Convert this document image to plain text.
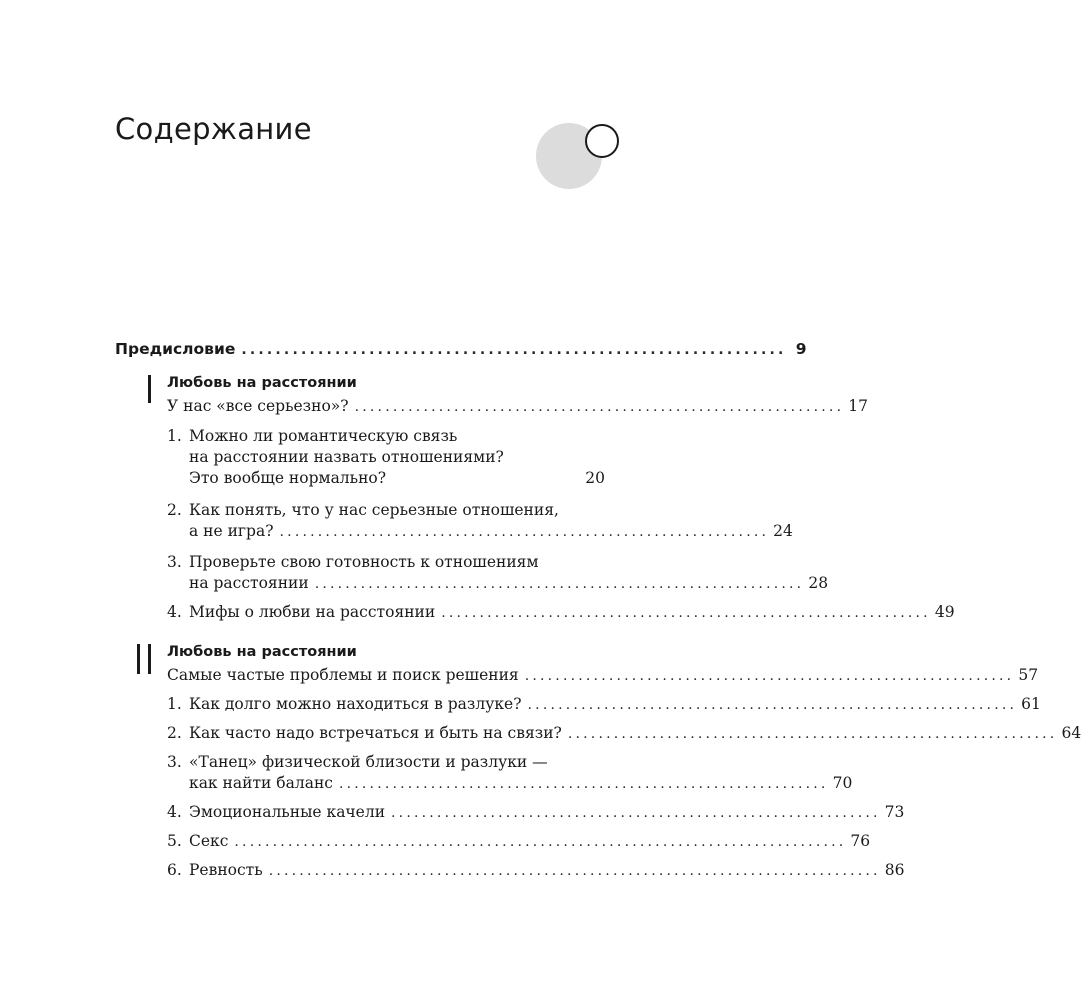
Содержание
Предисловие ................................................................ 9
Любовь на расстоянии
У нас «все серьезно»? ................................................................ 17
1. Можно ли романтическую связь
на расстоянии назвать отношениями?
Это вообще нормально?	20
2. Как понять, что у нас серьезные отношения,
а не игра? ................................................................ 24
3. Проверьте свою готовность к отношениям
на расстоянии ................................................................ 28
4. Мифы о любви на расстоянии ................................................................ 49
Любовь на расстоянии
Самые частые проблемы и поиск решения ................................................................ 57
1. Как долго можно находиться в разлуке? ................................................................ 61
2. Как часто надо встречаться и быть на связи? ................................................................ 64
3. «Танец» физической близости и разлуки —
как найти баланс ................................................................ 70
4. Эмоциональные качели ................................................................ 73
5. Секс ................................................................................ 76
6. Ревность ................................................................................ 86
